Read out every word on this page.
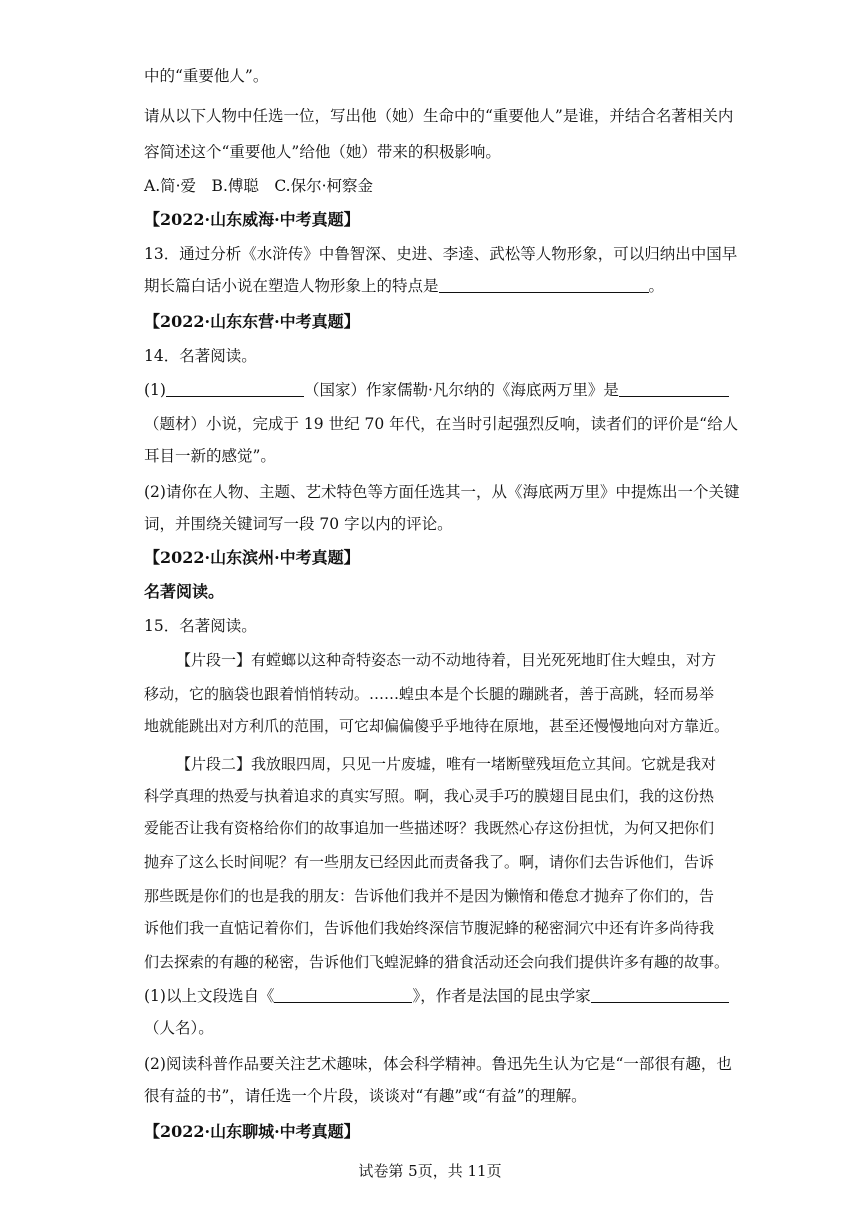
中的“重要他人”。
请从以下人物中任选一位，写出他（她）生命中的“重要他人”是谁，并结合名著相关内
容简述这个“重要他人”给他（她）带来的积极影响。
A.简·爱　B.傅聪　C.保尔·柯察金
【2022·山东威海·中考真题】
13．通过分析《水浒传》中鲁智深、史进、李逵、武松等人物形象，可以归纳出中国早
期长篇白话小说在塑造人物形象上的特点是	。
【2022·山东东营·中考真题】
14．名著阅读。
(1)	（国家）作家儒勒·凡尔纳的《海底两万里》是
（题材）小说，完成于 19 世纪 70 年代，在当时引起强烈反响，读者们的评价是“给人
耳目一新的感觉”。
(2)请你在人物、主题、艺术特色等方面任选其一，从《海底两万里》中提炼出一个关键
词，并围绕关键词写一段 70 字以内的评论。
【2022·山东滨州·中考真题】
名著阅读。
15．名著阅读。
【片段一】有螳螂以这种奇特姿态一动不动地待着，目光死死地盯住大蝗虫，对方
移动，它的脑袋也跟着悄悄转动。……蝗虫本是个长腿的蹦跳者，善于高跳，轻而易举
地就能跳出对方利爪的范围，可它却偏偏傻乎乎地待在原地，甚至还慢慢地向对方靠近。
【片段二】我放眼四周，只见一片废墟，唯有一堵断壁残垣危立其间。它就是我对
科学真理的热爱与执着追求的真实写照。啊，我心灵手巧的膜翅目昆虫们，我的这份热
爱能否让我有资格给你们的故事追加一些描述呀？我既然心存这份担忧，为何又把你们
抛弃了这么长时间呢？有一些朋友已经因此而责备我了。啊，请你们去告诉他们，告诉
那些既是你们的也是我的朋友：告诉他们我并不是因为懒惰和倦怠才抛弃了你们的，告
诉他们我一直惦记着你们，告诉他们我始终深信节腹泥蜂的秘密洞穴中还有许多尚待我
们去探索的有趣的秘密，告诉他们飞蝗泥蜂的猎食活动还会向我们提供许多有趣的故事。
(1)以上文段选自《	》，作者是法国的昆虫学家
（人名）。
(2)阅读科普作品要关注艺术趣味，体会科学精神。鲁迅先生认为它是“一部很有趣，也
很有益的书”，请任选一个片段，谈谈对“有趣”或“有益”的理解。
【2022·山东聊城·中考真题】
试卷第 5页，共 11页
